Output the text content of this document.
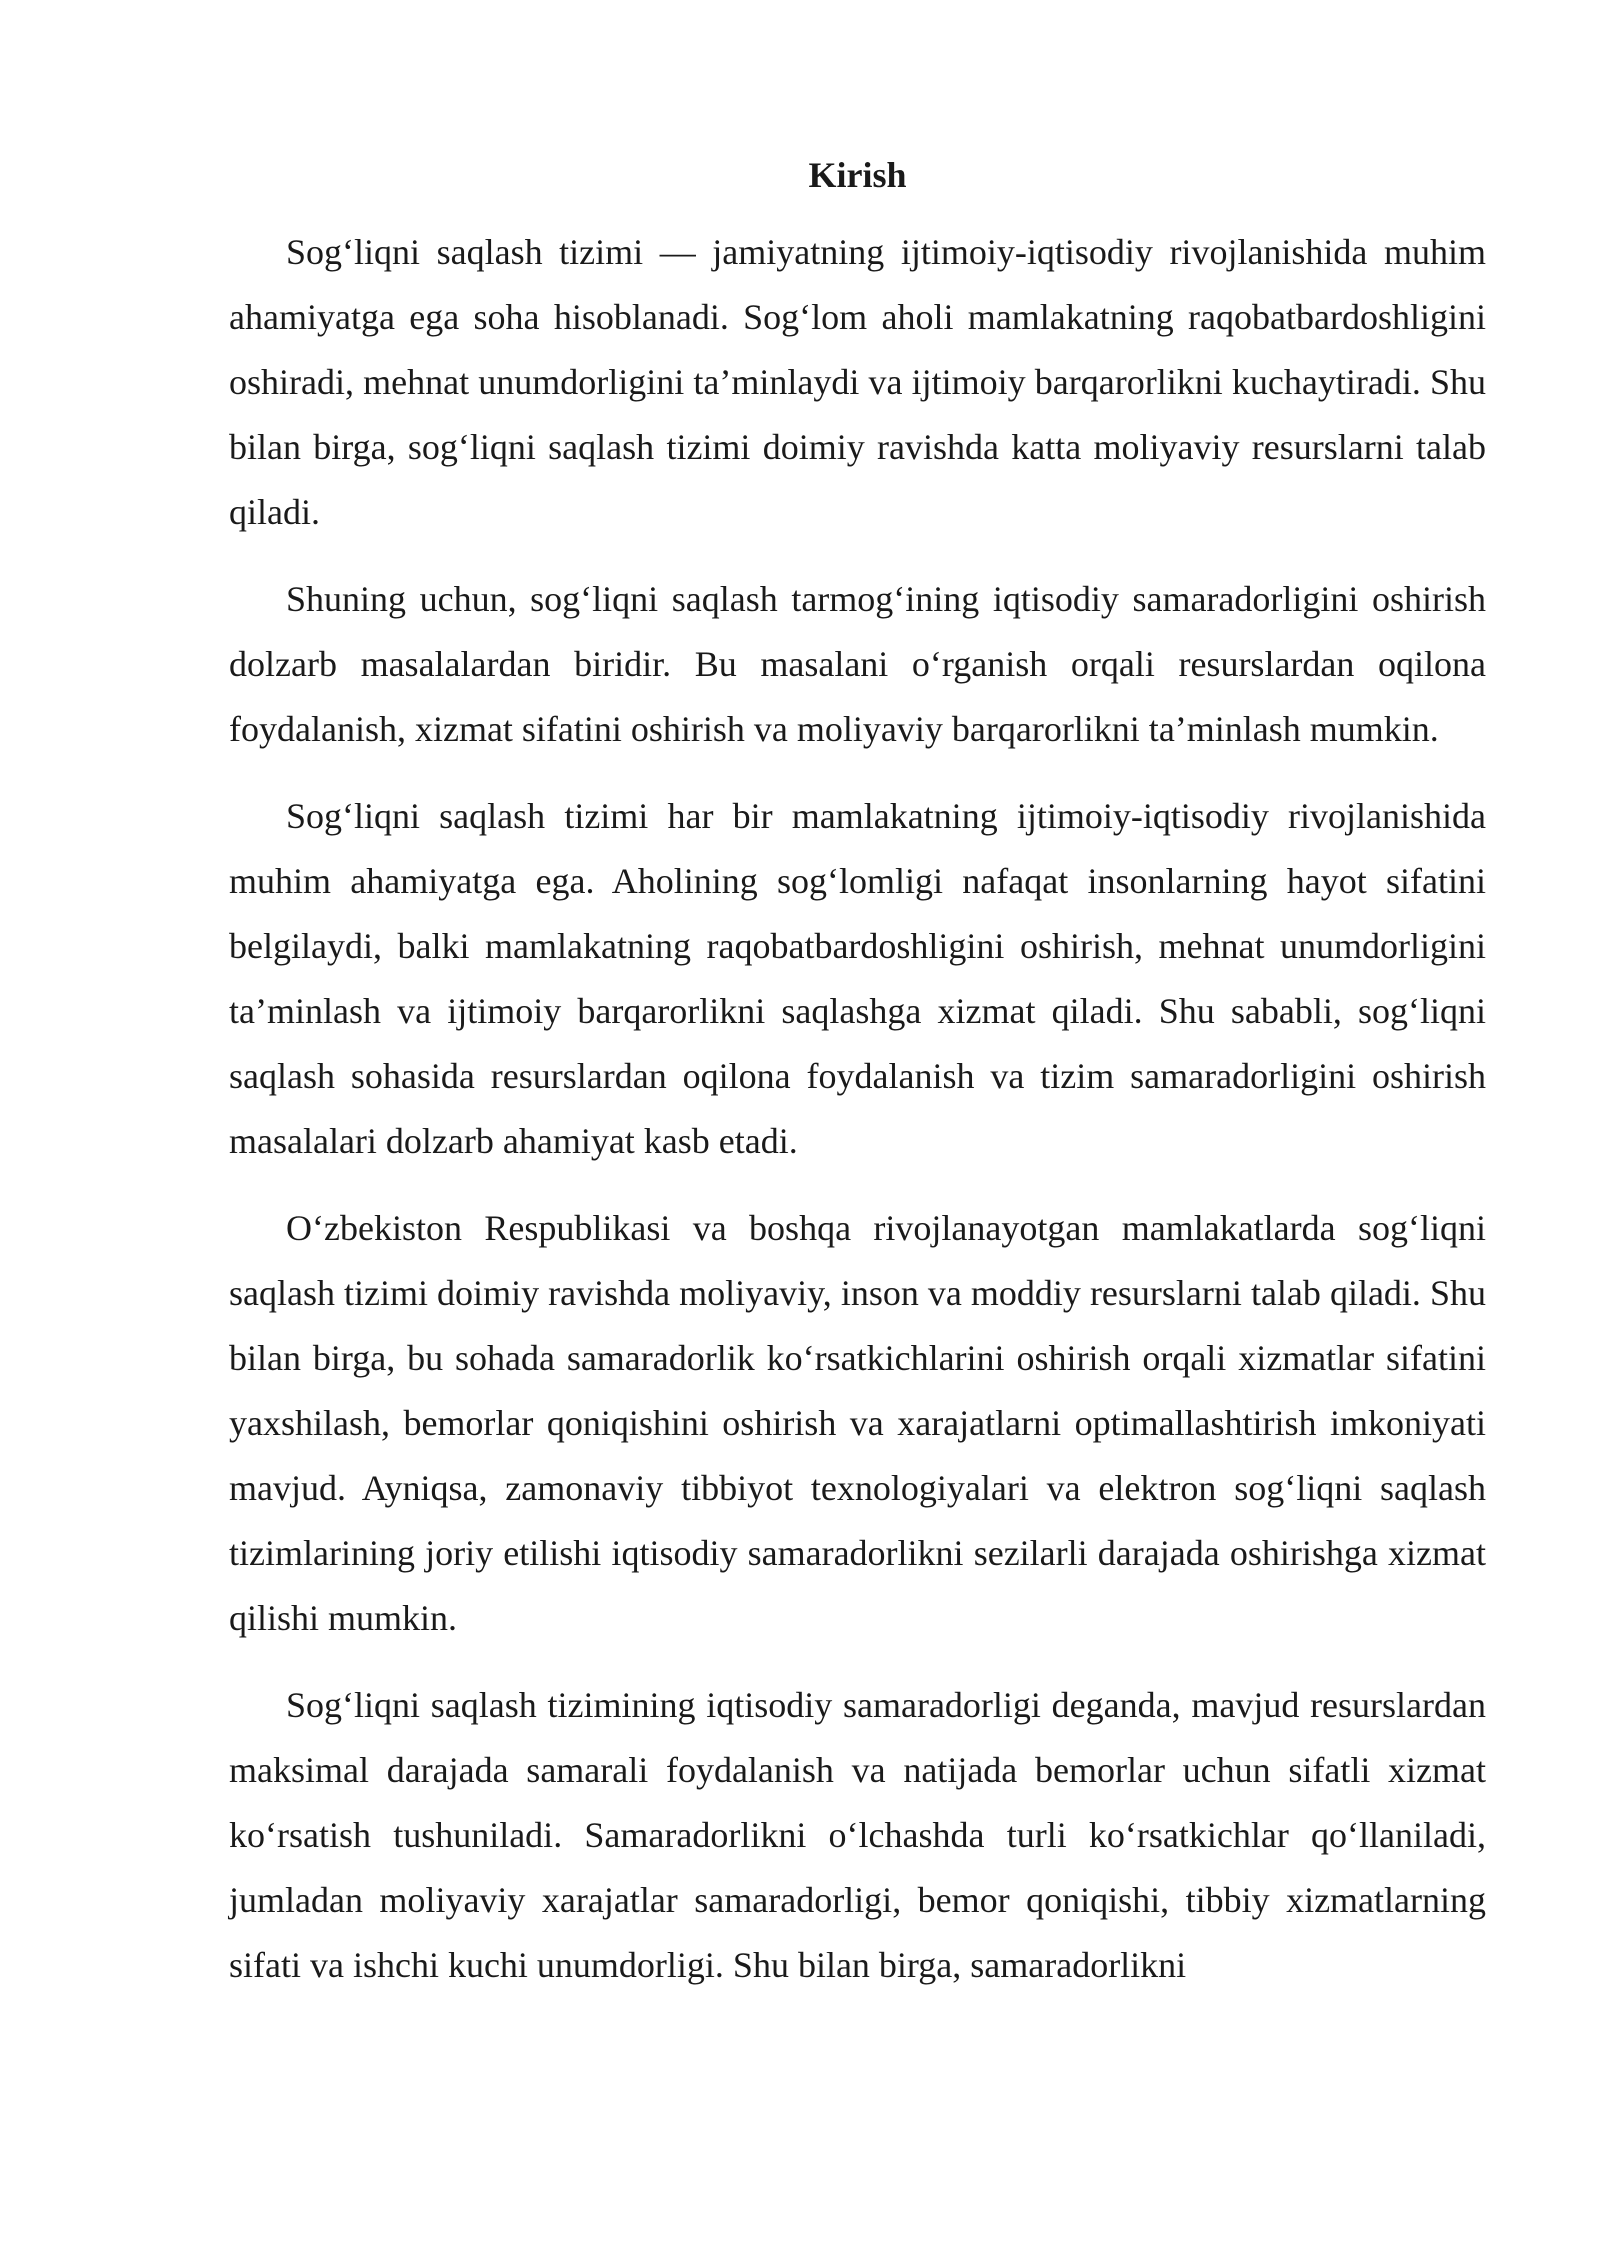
Kirish

Sog‘liqni saqlash tizimi — jamiyatning ijtimoiy-iqtisodiy rivojlanishida muhim ahamiyatga ega soha hisoblanadi. Sog‘lom aholi mamlakatning raqobatbardoshligini oshiradi, mehnat unumdorligini ta’minlaydi va ijtimoiy barqarorlikni kuchaytiradi. Shu bilan birga, sog‘liqni saqlash tizimi doimiy ravishda katta moliyaviy resurslarni talab qiladi.

Shuning uchun, sog‘liqni saqlash tarmog‘ining iqtisodiy samaradorligini oshirish dolzarb masalalardan biridir. Bu masalani o‘rganish orqali resurslardan oqilona foydalanish, xizmat sifatini oshirish va moliyaviy barqarorlikni ta’minlash mumkin.

Sog‘liqni saqlash tizimi har bir mamlakatning ijtimoiy-iqtisodiy rivojlanishida muhim ahamiyatga ega. Aholining sog‘lomligi nafaqat insonlarning hayot sifatini belgilaydi, balki mamlakatning raqobatbardoshligini oshirish, mehnat unumdorligini ta’minlash va ijtimoiy barqarorlikni saqlashga xizmat qiladi. Shu sababli, sog‘liqni saqlash sohasida resurslardan oqilona foydalanish va tizim samaradorligini oshirish masalalari dolzarb ahamiyat kasb etadi.

O‘zbekiston Respublikasi va boshqa rivojlanayotgan mamlakatlarda sog‘liqni saqlash tizimi doimiy ravishda moliyaviy, inson va moddiy resurslarni talab qiladi. Shu bilan birga, bu sohada samaradorlik ko‘rsatkichlarini oshirish orqali xizmatlar sifatini yaxshilash, bemorlar qoniqishini oshirish va xarajatlarni optimallashtirish imkoniyati mavjud. Ayniqsa, zamonaviy tibbiyot texnologiyalari va elektron sog‘liqni saqlash tizimlarining joriy etilishi iqtisodiy samaradorlikni sezilarli darajada oshirishga xizmat qilishi mumkin.

Sog‘liqni saqlash tizimining iqtisodiy samaradorligi deganda, mavjud resurslardan maksimal darajada samarali foydalanish va natijada bemorlar uchun sifatli xizmat ko‘rsatish tushuniladi. Samaradorlikni o‘lchashda turli ko‘rsatkichlar qo‘llaniladi, jumladan moliyaviy xarajatlar samaradorligi, bemor qoniqishi, tibbiy xizmatlarning sifati va ishchi kuchi unumdorligi. Shu bilan birga, samaradorlikni
